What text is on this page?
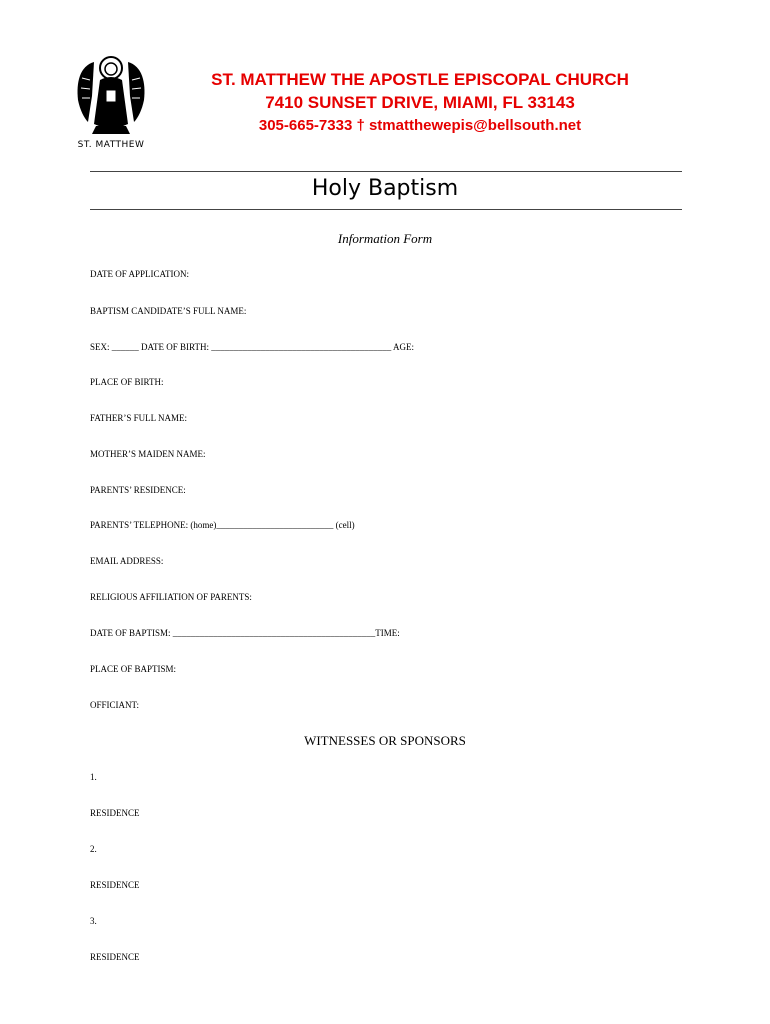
ST. MATTHEW
ST. MATTHEW THE APOSTLE EPISCOPAL CHURCH
7410 SUNSET DRIVE, MIAMI, FL 33143
305-665-7333 † stmatthewepis@bellsouth.net
Holy Baptism
Information Form
DATE OF APPLICATION:
BAPTISM CANDIDATE’S FULL NAME:
SEX: ______ DATE OF BIRTH: ________________________________________ AGE:
PLACE OF BIRTH:
FATHER’S FULL NAME:
MOTHER’S MAIDEN NAME:
PARENTS’ RESIDENCE:
PARENTS’ TELEPHONE: (home)__________________________ (cell)
EMAIL ADDRESS:
RELIGIOUS AFFILIATION OF PARENTS:
DATE OF BAPTISM: _____________________________________________TIME:
PLACE OF BAPTISM:
OFFICIANT:
WITNESSES OR SPONSORS
1.
RESIDENCE
2.
RESIDENCE
3.
RESIDENCE
